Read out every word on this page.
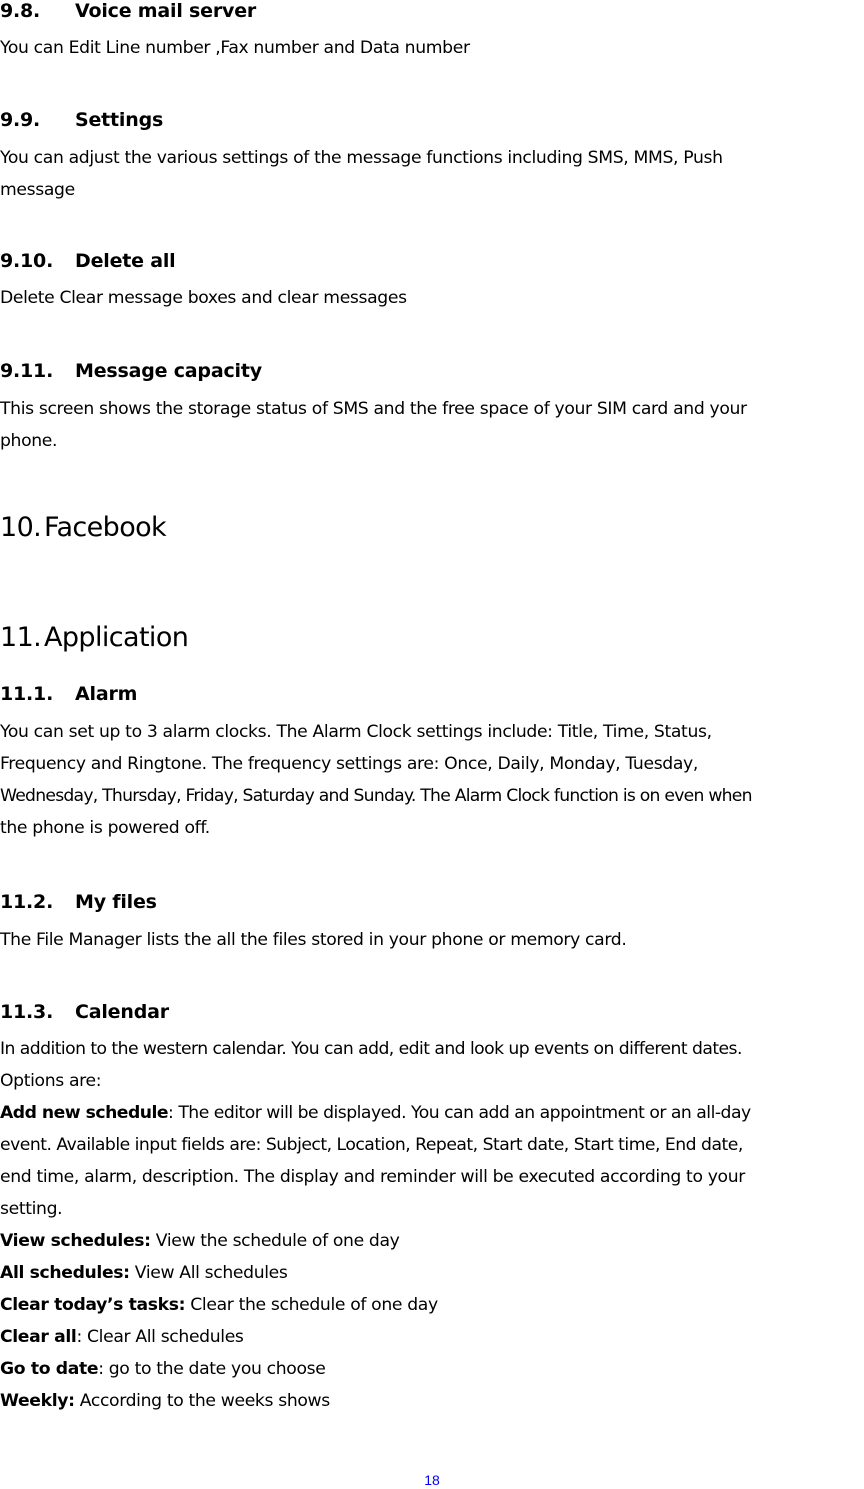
9.8. Voice mail server
You can Edit Line number ,Fax number and Data number
9.9. Settings
You can adjust the various settings of the message functions including SMS, MMS, Push
message
9.10. Delete all
Delete Clear message boxes and clear messages
9.11. Message capacity
This screen shows the storage status of SMS and the free space of your SIM card and your
phone.
10. Facebook
11. Application
11.1. Alarm
You can set up to 3 alarm clocks. The Alarm Clock settings include: Title, Time, Status,
Frequency and Ringtone. The frequency settings are: Once, Daily, Monday, Tuesday,
Wednesday, Thursday, Friday, Saturday and Sunday. The Alarm Clock function is on even when
the phone is powered off.
11.2. My files
The File Manager lists the all the files stored in your phone or memory card.
11.3. Calendar
In addition to the western calendar. You can add, edit and look up events on different dates.
Options are:
Add new schedule: The editor will be displayed. You can add an appointment or an all-day
event. Available input fields are: Subject, Location, Repeat, Start date, Start time, End date,
end time, alarm, description. The display and reminder will be executed according to your
setting.
View schedules: View the schedule of one day
All schedules: View All schedules
Clear today’s tasks: Clear the schedule of one day
Clear all: Clear All schedules
Go to date: go to the date you choose
Weekly: According to the weeks shows
18
